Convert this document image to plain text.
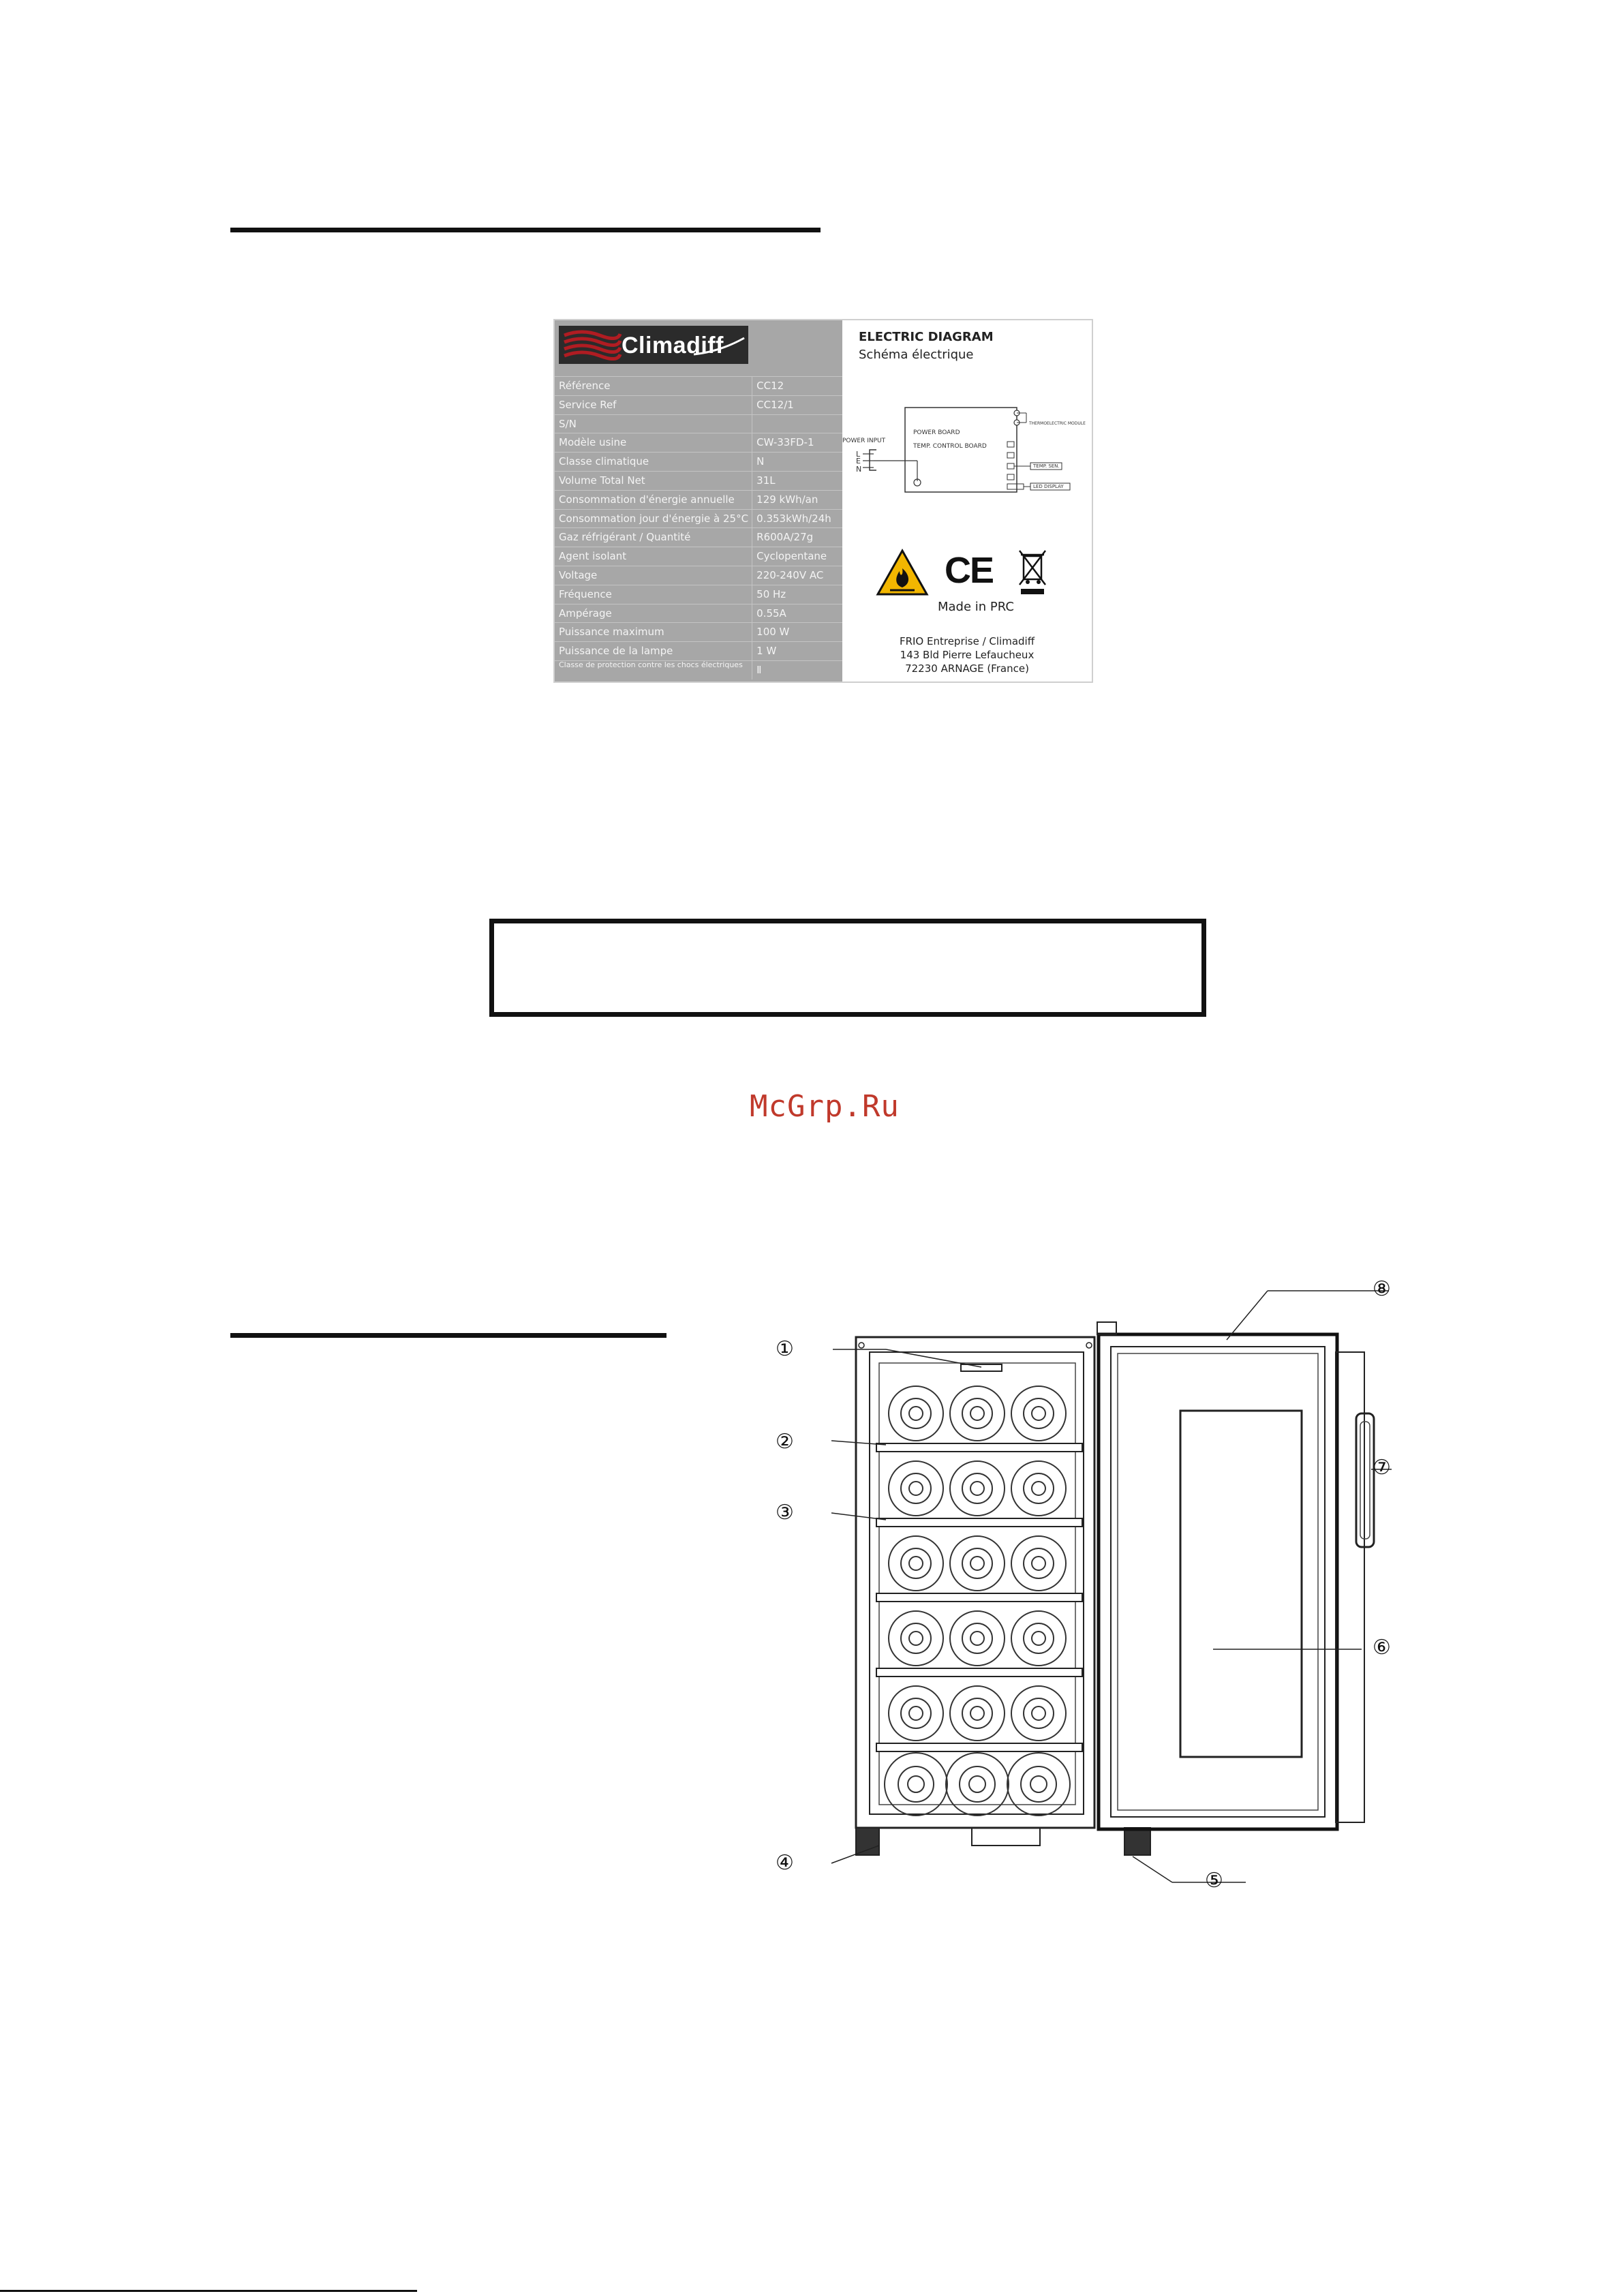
Climadiff
Référence	CC12
Service Ref	CC12/1
S/N
Modèle usine	CW-33FD-1
Classe climatique	N
Volume Total Net	31L
Consommation d'énergie annuelle	129 kWh/an
Consommation jour d'énergie à 25°C 0.353kWh/24h
Gaz réfrigérant / Quantité	R600A/27g
Agent isolant	Cyclopentane
Voltage	220-240V AC
Fréquence	50 Hz
Ampérage	0.55A
Puissance maximum	100 W
Puissance de la lampe	1 W
Classe de protection contre les chocs électriques	Ⅱ
ELECTRIC DIAGRAM
Schéma électrique
POWER INPUT
POWER BOARD
TEMP. CONTROL BOARD
THERMOELECTRIC MODULE
TEMP. SEN.
LED DISPLAY
L
E
N
CE
Made in PRC
FRIO Entreprise / Climadiff
143 Bld Pierre Lefaucheux
72230 ARNAGE (France)
McGrp.Ru
①
②
③
④
⑤
⑥
⑦
⑧
